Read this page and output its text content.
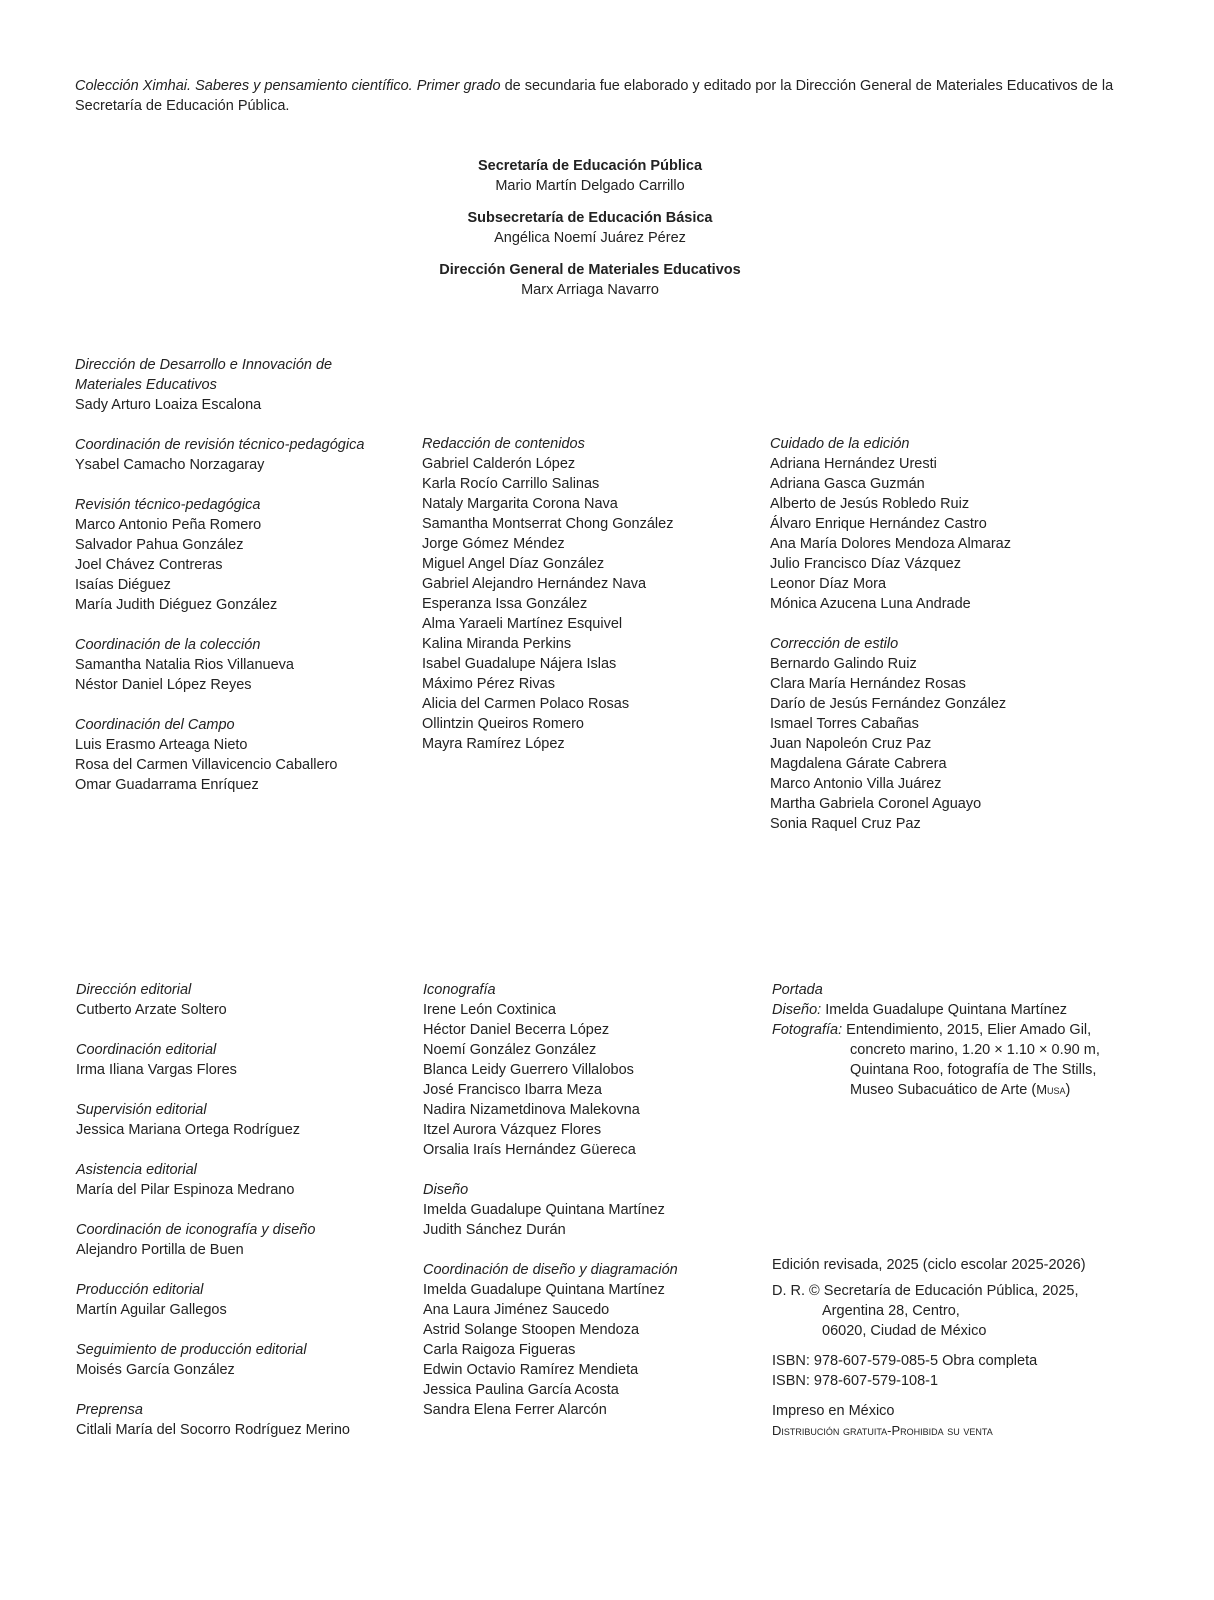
Colección Ximhai. Saberes y pensamiento científico. Primer grado de secundaria fue elaborado y editado por la Dirección General de Materiales Educativos de la Secretaría de Educación Pública.

Secretaría de Educación Pública
Mario Martín Delgado Carrillo
Subsecretaría de Educación Básica
Angélica Noemí Juárez Pérez
Dirección General de Materiales Educativos
Marx Arriaga Navarro
Dirección de Desarrollo e Innovación de Materiales Educativos
Sady Arturo Loaiza Escalona
Coordinación de revisión técnico-pedagógica
Ysabel Camacho Norzagaray
Revisión técnico-pedagógica
Marco Antonio Peña Romero
Salvador Pahua González
Joel Chávez Contreras
Isaías Diéguez
María Judith Diéguez González
Coordinación de la colección
Samantha Natalia Rios Villanueva
Néstor Daniel López Reyes
Coordinación del Campo
Luis Erasmo Arteaga Nieto
Rosa del Carmen Villavicencio Caballero
Omar Guadarrama Enríquez
Redacción de contenidos
Gabriel Calderón López
Karla Rocío Carrillo Salinas
Nataly Margarita Corona Nava
Samantha Montserrat Chong González
Jorge Gómez Méndez
Miguel Angel Díaz González
Gabriel Alejandro Hernández Nava
Esperanza Issa González
Alma Yaraeli Martínez Esquivel
Kalina Miranda Perkins
Isabel Guadalupe Nájera Islas
Máximo Pérez Rivas
Alicia del Carmen Polaco Rosas
Ollintzin Queiros Romero
Mayra Ramírez López
Cuidado de la edición
Adriana Hernández Uresti
Adriana Gasca Guzmán
Alberto de Jesús Robledo Ruiz
Álvaro Enrique Hernández Castro
Ana María Dolores Mendoza Almaraz
Julio Francisco Díaz Vázquez
Leonor Díaz Mora
Mónica Azucena Luna Andrade
Corrección de estilo
Bernardo Galindo Ruiz
Clara María Hernández Rosas
Darío de Jesús Fernández González
Ismael Torres Cabañas
Juan Napoleón Cruz Paz
Magdalena Gárate Cabrera
Marco Antonio Villa Juárez
Martha Gabriela Coronel Aguayo
Sonia Raquel Cruz Paz
Dirección editorial
Cutberto Arzate Soltero
Coordinación editorial
Irma Iliana Vargas Flores
Supervisión editorial
Jessica Mariana Ortega Rodríguez
Asistencia editorial
María del Pilar Espinoza Medrano
Coordinación de iconografía y diseño
Alejandro Portilla de Buen
Producción editorial
Martín Aguilar Gallegos
Seguimiento de producción editorial
Moisés García González
Preprensa
Citlali María del Socorro Rodríguez Merino
Iconografía
Irene León Coxtinica
Héctor Daniel Becerra López
Noemí González González
Blanca Leidy Guerrero Villalobos
José Francisco Ibarra Meza
Nadira Nizametdinova Malekovna
Itzel Aurora Vázquez Flores
Orsalia Iraís Hernández Güereca
Diseño
Imelda Guadalupe Quintana Martínez
Judith Sánchez Durán
Coordinación de diseño y diagramación
Imelda Guadalupe Quintana Martínez
Ana Laura Jiménez Saucedo
Astrid Solange Stoopen Mendoza
Carla Raigoza Figueras
Edwin Octavio Ramírez Mendieta
Jessica Paulina García Acosta
Sandra Elena Ferrer Alarcón
Portada
Diseño: Imelda Guadalupe Quintana Martínez
Fotografía: Entendimiento, 2015, Elier Amado Gil,
concreto marino, 1.20 × 1.10 × 0.90 m,
Quintana Roo, fotografía de The Stills,
Museo Subacuático de Arte (Musa)
Edición revisada, 2025 (ciclo escolar 2025-2026)
D. R. © Secretaría de Educación Pública, 2025,
Argentina 28, Centro,
06020, Ciudad de México
ISBN: 978-607-579-085-5 Obra completa
ISBN: 978-607-579-108-1
Impreso en México
Distribución gratuita-Prohibida su venta
